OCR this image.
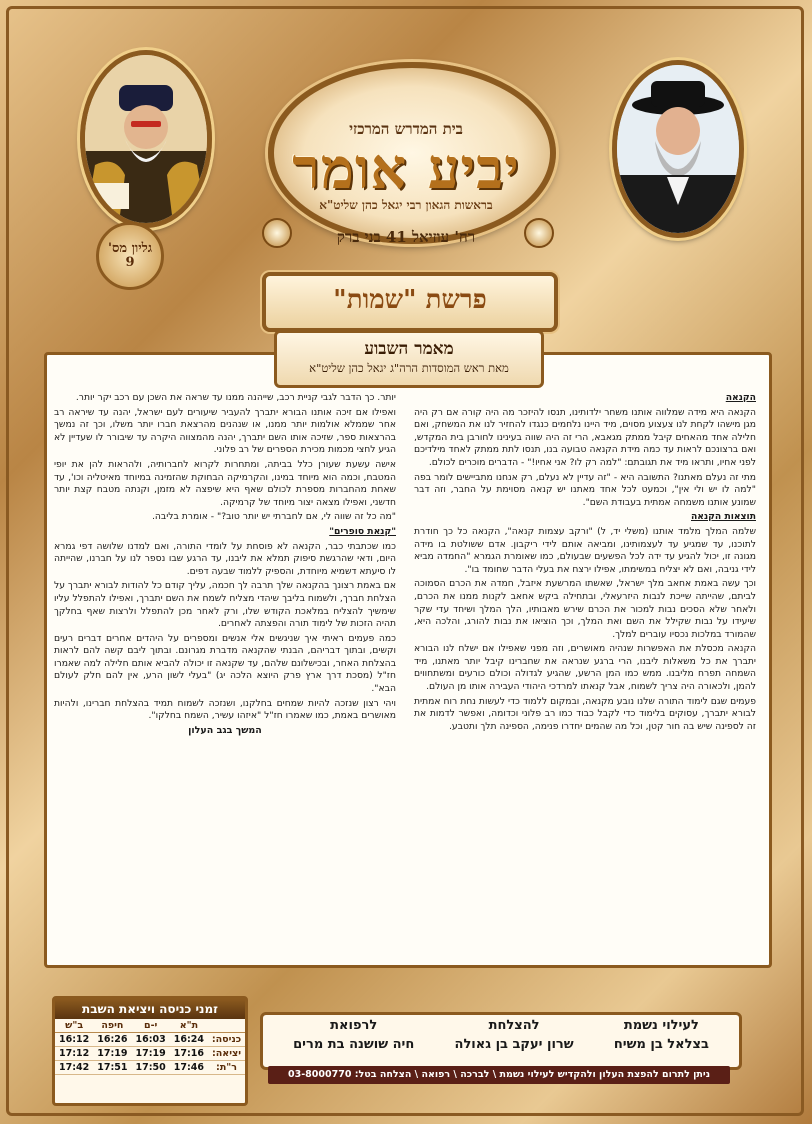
גליון מס'
9
בית המדרש המרכזי
יביע אומר
בראשות הגאון רבי יגאל כהן שליט"א
רח' עוזיאל 41 בני ברק
פרשת "שמות"
מאמר השבוע
מאת ראש המוסדות הרה"ג יגאל כהן שליט"א

הקנאה

הקנאה היא מידה שמלווה אותנו משחר ילדותינו, תנסו להיזכר מה היה קורה אם רק היה מגן מישהו לקחת לנו צעצוע מסוים, מיד היינו נלחמים כנגדו להחזיר לנו את המשחק, ואם חלילה אחד מהאחים קיבל ממתק מגאבא, הרי זה היה שווה בעינינו לחורבן בית המקדש, ואם ברצונכם לראות עד כמה מידת הקנאה טבועה בנו, תנסו לתת ממתק לאחד מילדיכם לפני אחיו, ותראו מיד את תגובתם: "למה רק לו? אני אחיו!" - הדברים מוכרים לכולם.

מתי זה נעלם מאתנו? התשובה היא - "זה עדיין לא נעלם, רק אנחנו מתביישים לומר בפה "למה לו יש ולי אין", וכמעט לכל אחד מאתנו יש קנאה מסוימת על החבר, וזה דבר שמונע אותנו משמחה אמתית בעבודת השם".

תוצאות הקנאה

שלמה המלך מלמד אותנו (משלי יד, ל) "ורקב עצמות קנאה", הקנאה כל כך חודרת לתוכנו, עד שמגיע עד לעצמותינו, ומביאה אותם לידי ריקבון. אדם ששולטת בו מידה מגונה זו, יכול להגיע עד ידה לכל הפשעים שבעולם, כמו שאומרת הגמרא "החמדה מביא לידי גניבה, ואם לא יצליח במשימתו, אפילו ירצח את בעלי הדבר שחומד בו".

וכך עשה באמת אחאב מלך ישראל, שאשתו המרשעת איזבל, חמדה את הכרם הסמוכה לביתם, שהייתה שייכת לנבות היזרעאלי, ובתחילה ביקש אחאב לקנות ממנו את הכרם, ולאחר שלא הסכים נבות למכור את הכרם שירש מאבותיו, הלך המלך ושיחד עדי שקר שיעידו על נבות שקילל את השם ואת המלך, וכך הוציאו את נבות להורג, והלכה היא, שהמורד במלכות נכסיו עוברים למלך.

הקנאה מכסלת את האפשרות שנהיה מאושרים, וזה מפני שאפילו אם ישלח לנו הבורא יתברך את כל משאלות ליבנו, הרי ברגע שנראה את שחברינו קיבל יותר מאתנו, מיד השמחה תפרח מליבנו. ממש כמו המן הרשע, שהגיע לגדולה וכולם כורעים ומשתחווים להמן, ולכאורה היה צריך לשמוח, אבל קנאתו למרדכי היהודי העבירה אותו מן העולם.

פעמים שגם לימוד התורה שלנו נובע מקנאה, ובמקום ללמוד כדי לעשות נחת רוח אמתית לבורא יתברך, עסוקים בלימוד כדי לקבל כבוד כמו רב פלוני וכדומה, ואפשר לדמות את זה לספינה שיש בה חור קטן, וכל מה שהמים יחדרו פנימה, הספינה תלך ותטבע.

יותר. כך הדבר לגבי קניית רכב, שייהנה ממנו עד שראה את השכן עם רכב יקר יותר.

ואפילו אם זיכה אותנו הבורא יתברך להעביר שיעורים לעם ישראל, יהנה עד שיראה רב אחר שממלא אולמות יותר ממנו, או שנהנים מהרצאת חברו יותר משלו, וכך זה נמשך בהרצאות ספר, שזיכה אותו השם יתברך, יהנה מהמצווה היקרה עד שיבורר לו שעדיין לא הגיע לחצי מכמות מכירת הספרים של רב פלוני.

אישה עשעת שעורן כלל בביתה, ומתחרות לקרוא לחברותיה, ולהראות להן את יופי המטבח, וכמה הוא מיוחד במינו, והקרמיקה הבחוקת שהזמינה במיוחד מאיטליה וכו', עד שאחת מהחברות מספרת לכולם שאף היא שיפצה לא מזמן, וקנתה מטבח קצת יותר חדשני, ואפילו מצאה יצור מיוחד של קרמיקה.

"מה כל זה שווה לי, אם לחברתי יש יותר טוב?" - אומרת בליבה.

"קנאת סופרים"

כמו שכתבתי כבר, הקנאה לא פוסחת על לומדי התורה, ואם למדנו שלושה דפי גמרא היום, ודאי שהרגשת סיפוק תמלא את ליבנו, עד הרגע שבו נספר לנו על חברנו, שהייתה לו סיעתא דשמיא מיוחדת, והספיק ללמוד שבעה דפים.

אם באמת רצונך בהקנאה שלך תרבה לך חכמה, עליך קודם כל להודות לבורא יתברך על הצלחת חברך, ולשמוח בליבך שיהדי מצליח לשמח את השם יתברך, ואפילו להתפלל עליו שימשיך להצליח במלאכת הקודש שלו, ורק לאחר מכן להתפלל ולרצות שאף בחלקך תהיה הזכות של לימוד תורה והפצתה לאחרים.

כמה פעמים ראיתי איך שניגשים אלי אנשים ומספרים על היהדים אחרים דברים רעים וקשים, ובתוך דבריהם, הבנתי שהקנאה מדברת מגרונם. ובתוך ליבם קשה להם לראות בהצלחת האחר, ובכישלונם שלהם, עד שקנאה זו יכולה להביא אותם חלילה למה שאמרו חז"ל (מסכת דרך ארץ פרק היוצא הלכה יג) "בעלי לשון הרע, אין להם חלק לעולם הבא".

ויהי רצון שנזכה להיות שמחים בחלקנו, ושנזכה לשמוח תמיד בהצלחת חברינו, ולהיות מאושרים באמת, כמו שאמרו חז"ל "איזהו עשיר, השמח בחלקו".

המשך בגב העלון
זמני כניסה ויציאת השבת
	ת"א	י-ם	חיפה	ב"ש
כניסה:	16:24	16:03	16:26	16:12
יציאה:	17:16	17:19	17:19	17:12
ר"ת:	17:46	17:50	17:51	17:42
לעילוי נשמת
בצלאל בן משיח
להצלחת
שרון יעקב בן גאולה
לרפואת
חיה שושנה בת מרים
ניתן לתרום להפצת העלון ולהקדיש לעילוי נשמת \ לברכה \ רפואה \ הצלחה בטל: 03-8000770
